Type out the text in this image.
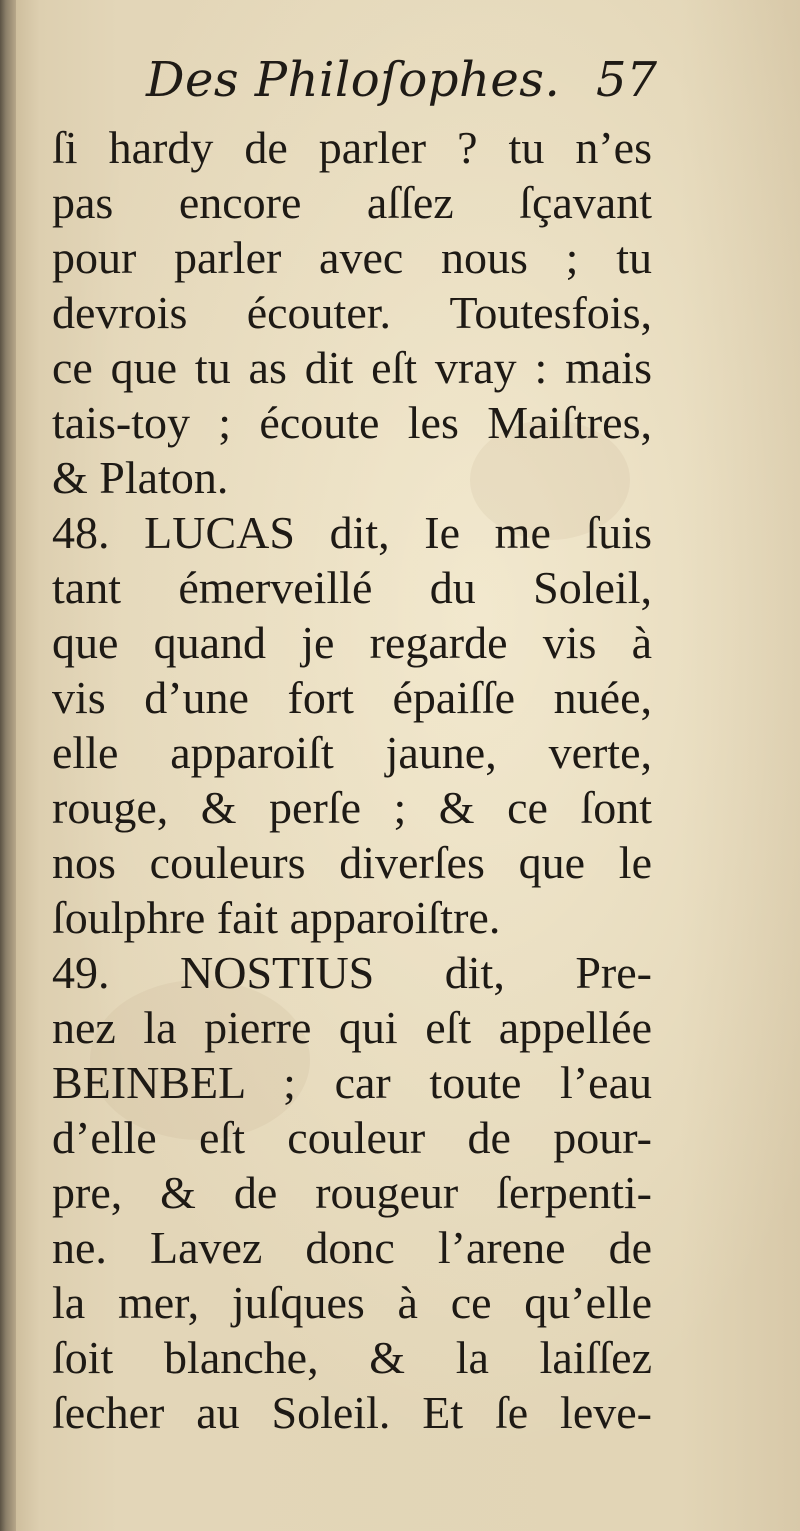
Des Philoſophes. 57
ſi hardy de parler ? tu n’es
pas encore aſſez ſçavant
pour parler avec nous ; tu
devrois écouter. Toutesfois,
ce que tu as dit eſt vray : mais
tais-toy ; écoute les Maiſtres,
& Platon.
48. LUCAS dit, Ie me ſuis
tant émerveillé du Soleil,
que quand je regarde vis à
vis d’une fort épaiſſe nuée,
elle apparoiſt jaune, verte,
rouge, & perſe ; & ce ſont
nos couleurs diverſes que le
ſoulphre fait apparoiſtre.
49. NOSTIUS dit, Pre-
nez la pierre qui eſt appellée
BEINBEL ; car toute l’eau
d’elle eſt couleur de pour-
pre, & de rougeur ſerpenti-
ne. Lavez donc l’arene de
la mer, juſques à ce qu’elle
ſoit blanche, & la laiſſez
ſecher au Soleil. Et ſe leve-
